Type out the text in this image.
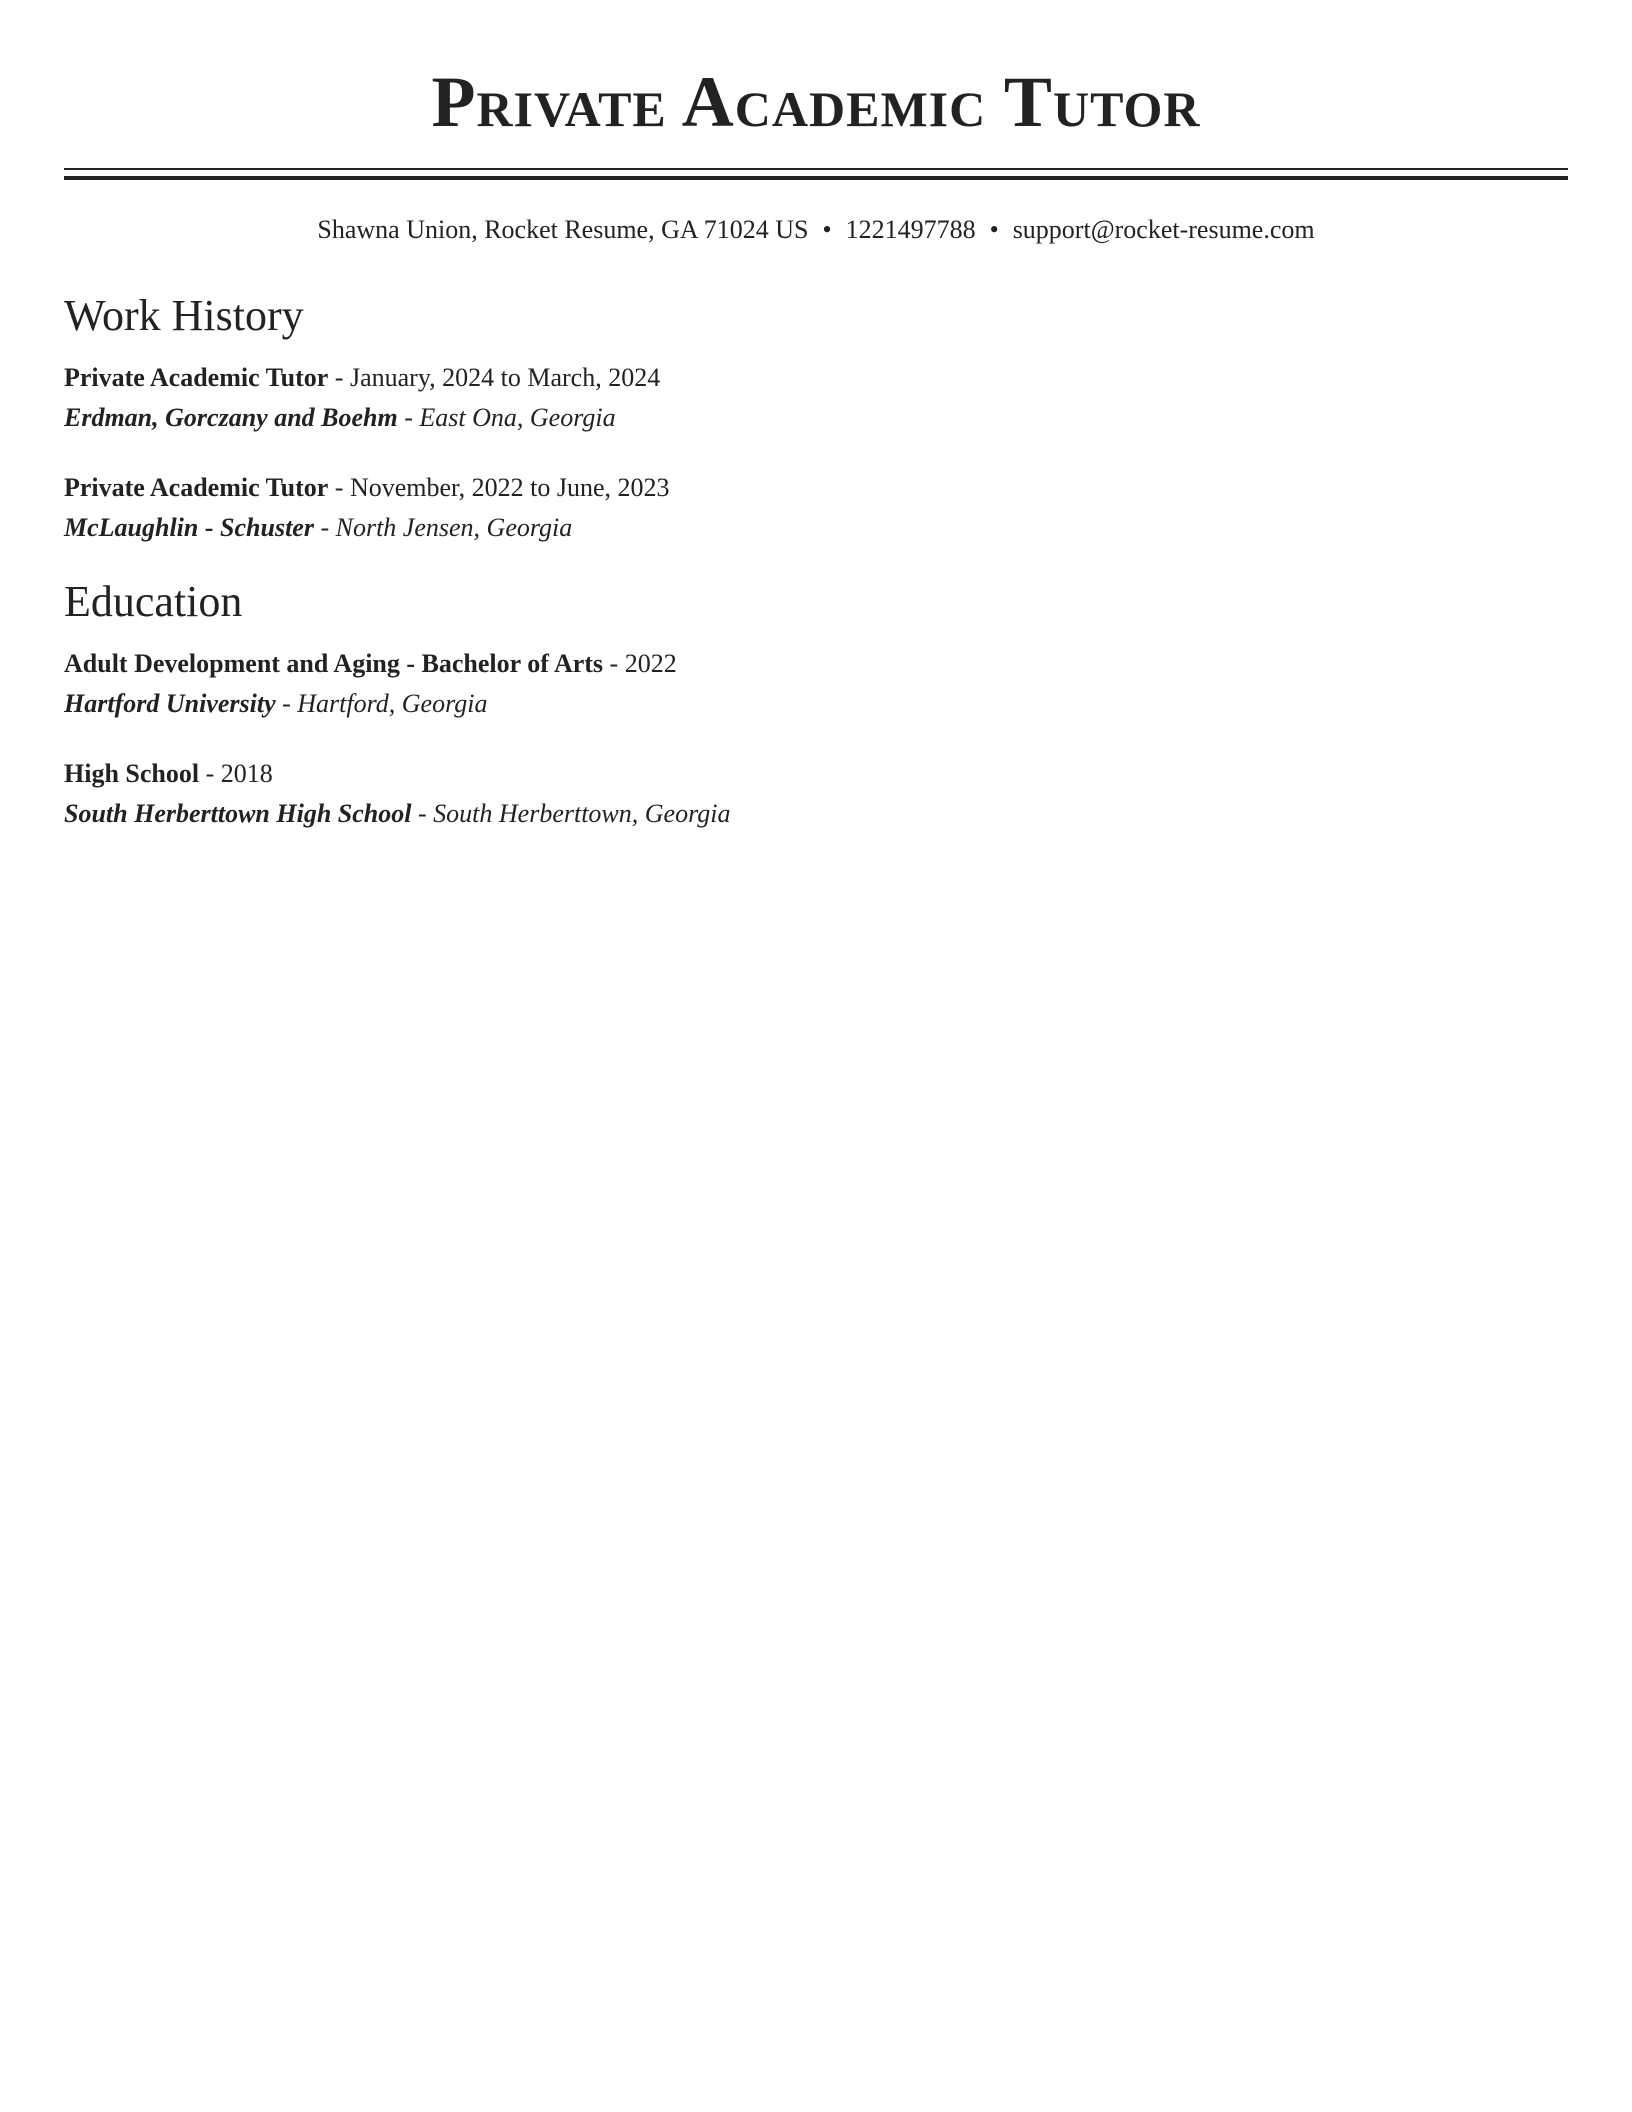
Private Academic Tutor
Shawna Union, Rocket Resume, GA 71024 US • 1221497788 • support@rocket-resume.com
Work History
Private Academic Tutor - January, 2024 to March, 2024
Erdman, Gorczany and Boehm - East Ona, Georgia
Private Academic Tutor - November, 2022 to June, 2023
McLaughlin - Schuster - North Jensen, Georgia
Education
Adult Development and Aging - Bachelor of Arts - 2022
Hartford University - Hartford, Georgia
High School - 2018
South Herberttown High School - South Herberttown, Georgia
